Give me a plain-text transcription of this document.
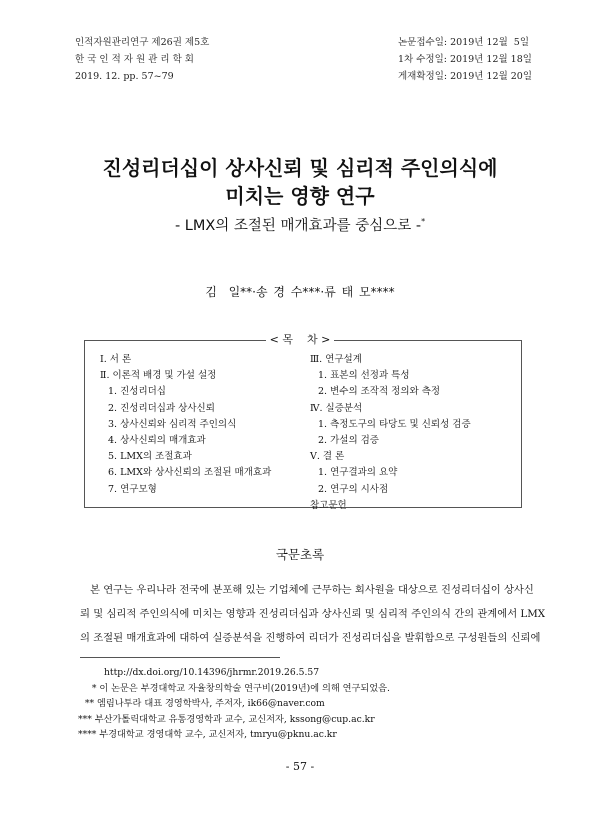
인적자원관리연구 제26권 제5호
한 국 인 적 자 원 관 리 학 회
2019. 12. pp. 57~79
논문접수일: 2019년 12월  5일
1차 수정일: 2019년 12월 18일
게재확정일: 2019년 12월 20일
진성리더십이 상사신뢰 및 심리적 주인의식에
미치는 영향 연구
- LMX의 조절된 매개효과를 중심으로 -*
김  일**·송 경 수***·류 태 모****
< 목    차 >
Ⅰ. 서 론
Ⅱ. 이론적 배경 및 가설 설정
1. 진성리더십
2. 진성리더십과 상사신뢰
3. 상사신뢰와 심리적 주인의식
4. 상사신뢰의 매개효과
5. LMX의 조절효과
6. LMX와 상사신뢰의 조절된 매개효과
7. 연구모형
Ⅲ. 연구설계
1. 표본의 선정과 특성
2. 변수의 조작적 정의와 측정
Ⅳ. 실증분석
1. 측정도구의 타당도 및 신뢰성 검증
2. 가설의 검증
Ⅴ. 결 론
1. 연구결과의 요약
2. 연구의 시사점
참고문헌
국문초록
본 연구는 우리나라 전국에 분포해 있는 기업체에 근무하는 회사원을 대상으로 진성리더십이 상사신
뢰 및 심리적 주인의식에 미치는 영향과 진성리더십과 상사신뢰 및 심리적 주인의식 간의 관계에서 LMX
의 조절된 매개효과에 대하여 실증분석을 진행하여 리더가 진성리더십을 발휘함으로 구성원들의 신뢰에
http://dx.doi.org/10.14396/jhrmr.2019.26.5.57
* 이 논문은 부경대학교 자율창의학술 연구비(2019년)에 의해 연구되었음.
** 엠림나투라 대표 경영학박사, 주저자, ik66@naver.com
*** 부산가톨릭대학교 유통경영학과 교수, 교신저자, kssong@cup.ac.kr
**** 부경대학교 경영대학 교수, 교신저자, tmryu@pknu.ac.kr
- 57 -
